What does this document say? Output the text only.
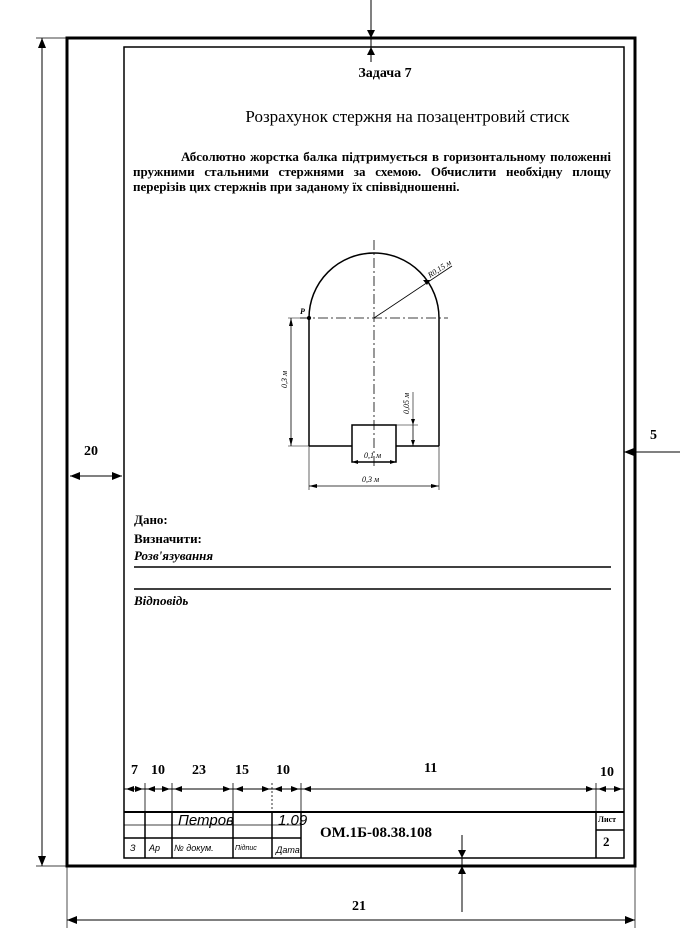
R0,15 м
P
0,3 м
0,05 м
0,1 м
0,3 м
Задача 7
Розрахунок стержня на позацентровий стиск
Абсолютно жорстка балка підтримується в горизонтальному положенні пружними стальними стержнями за схемою. Обчислити необхідну площу перерізів цих стержнів при заданому їх співвідношенні.
Дано:
Визначити:
Розв'язування
Відповідь
20
5
21
7 10 23 15 10	11	10
Петров	1.09
ОМ.1Б-08.38.108
Лист
2
З Ар № докум.	Підпис Дата
